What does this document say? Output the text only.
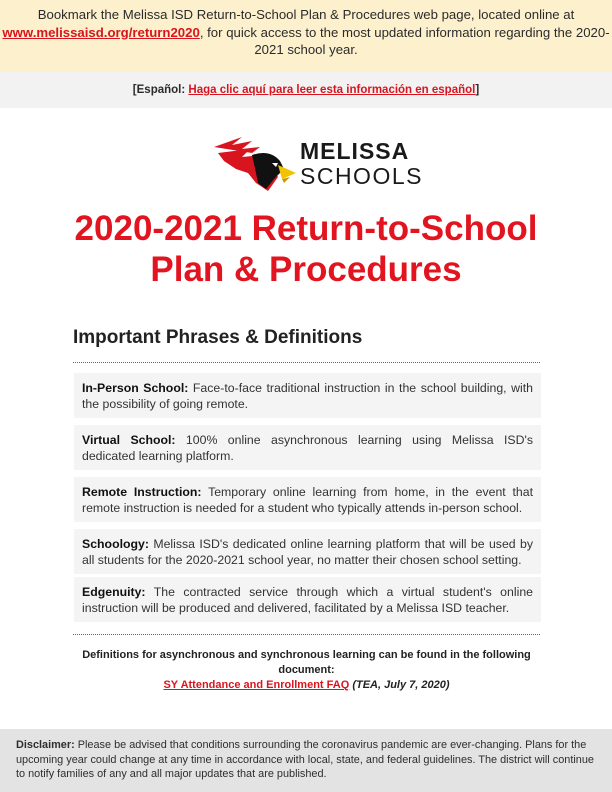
Bookmark the Melissa ISD Return-to-School Plan & Procedures web page, located online at www.melissaisd.org/return2020, for quick access to the most updated information regarding the 2020-2021 school year.
[Español: Haga clic aquí para leer esta información en español]
MELISSA
SCHOOLS
2020-2021 Return-to-School
Plan & Procedures
Important Phrases & Definitions
In-Person School: Face-to-face traditional instruction in the school building, with the possibility of going remote.
Virtual School: 100% online asynchronous learning using Melissa ISD's dedicated learning platform.
Remote Instruction: Temporary online learning from home, in the event that remote instruction is needed for a student who typically attends in-person school.
Schoology: Melissa ISD's dedicated online learning platform that will be used by all students for the 2020-2021 school year, no matter their chosen school setting.
Edgenuity: The contracted service through which a virtual student's online instruction will be produced and delivered, facilitated by a Melissa ISD teacher.
Definitions for asynchronous and synchronous learning can be found in the following document:
SY Attendance and Enrollment FAQ (TEA, July 7, 2020)
Disclaimer: Please be advised that conditions surrounding the coronavirus pandemic are ever-changing. Plans for the upcoming year could change at any time in accordance with local, state, and federal guidelines. The district will continue to notify families of any and all major updates that are published.
